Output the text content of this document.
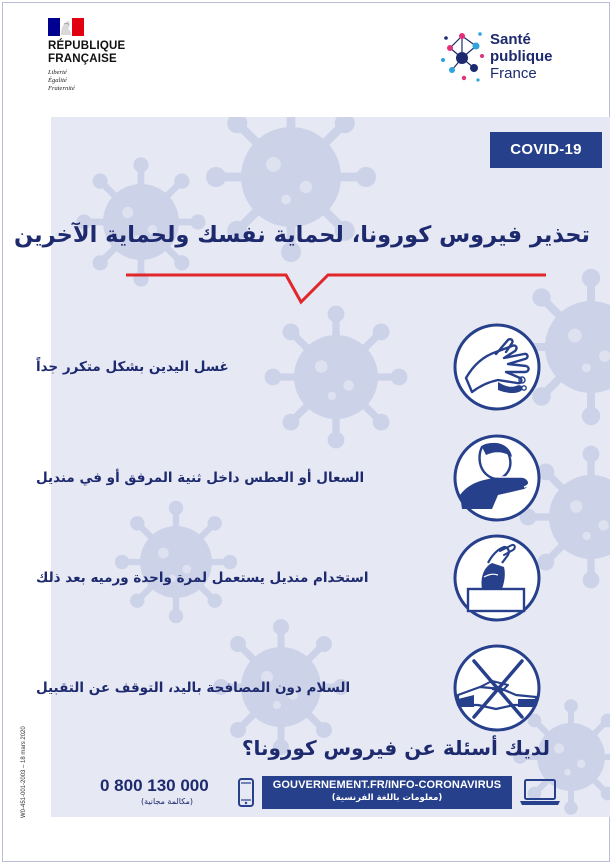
RÉPUBLIQUE
FRANÇAISE
Liberté
Égalité
Fraternité
Santé
publique
France
COVID-19
تحذير فيروس كورونا، لحماية نفسك ولحماية الآخرين
غسل اليدين بشكل متكرر جداً
السعال أو العطس داخل ثنية المرفق أو في منديل
استخدام منديل يستعمل لمرة واحدة ورميه بعد ذلك
السلام دون المصافحة باليد، التوقف عن التقبيل
لديك أسئلة عن فيروس كورونا؟
0 800 130 000
(مكالمة مجانية)
GOUVERNEMENT.FR/INFO-CORONAVIRUS
(معلومات باللغة الفرنسية)
W0-451-001-2003 – 18 mars 2020
